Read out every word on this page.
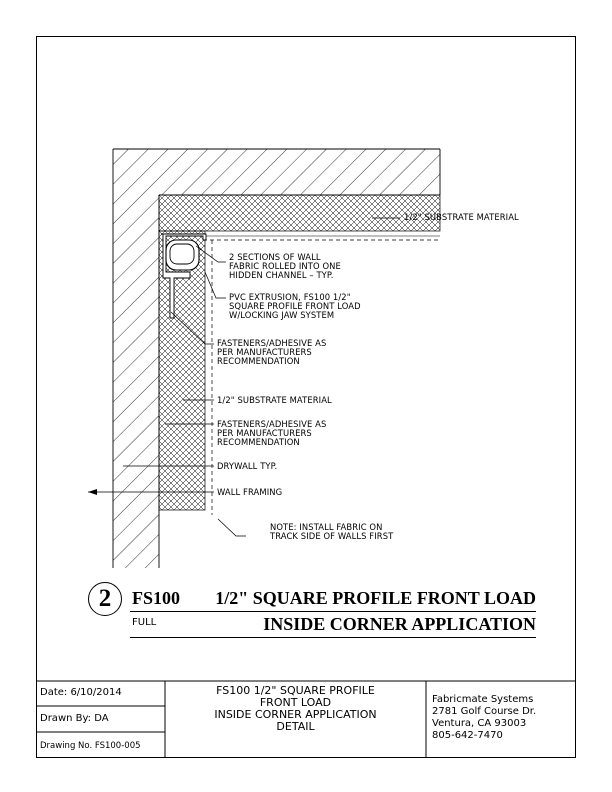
1/2" SUBSTRATE MATERIAL
2 SECTIONS OF WALL
FABRIC ROLLED INTO ONE
HIDDEN CHANNEL – TYP.
PVC EXTRUSION, FS100 1/2"
SQUARE PROFILE FRONT LOAD
W/LOCKING JAW SYSTEM
FASTENERS/ADHESIVE AS
PER MANUFACTURERS
RECOMMENDATION
1/2" SUBSTRATE MATERIAL
FASTENERS/ADHESIVE AS
PER MANUFACTURERS
RECOMMENDATION
DRYWALL TYP.
WALL FRAMING
NOTE: INSTALL FABRIC ON
TRACK SIDE OF WALLS FIRST
2	FS100
FULL
1/2" SQUARE PROFILE FRONT LOAD
INSIDE CORNER APPLICATION
Date: 6/10/2014
Drawn By: DA
Drawing No. FS100-005
FS100 1/2" SQUARE PROFILE
FRONT LOAD
INSIDE CORNER APPLICATION
DETAIL
Fabricmate Systems
2781 Golf Course Dr.
Ventura, CA 93003
805-642-7470
